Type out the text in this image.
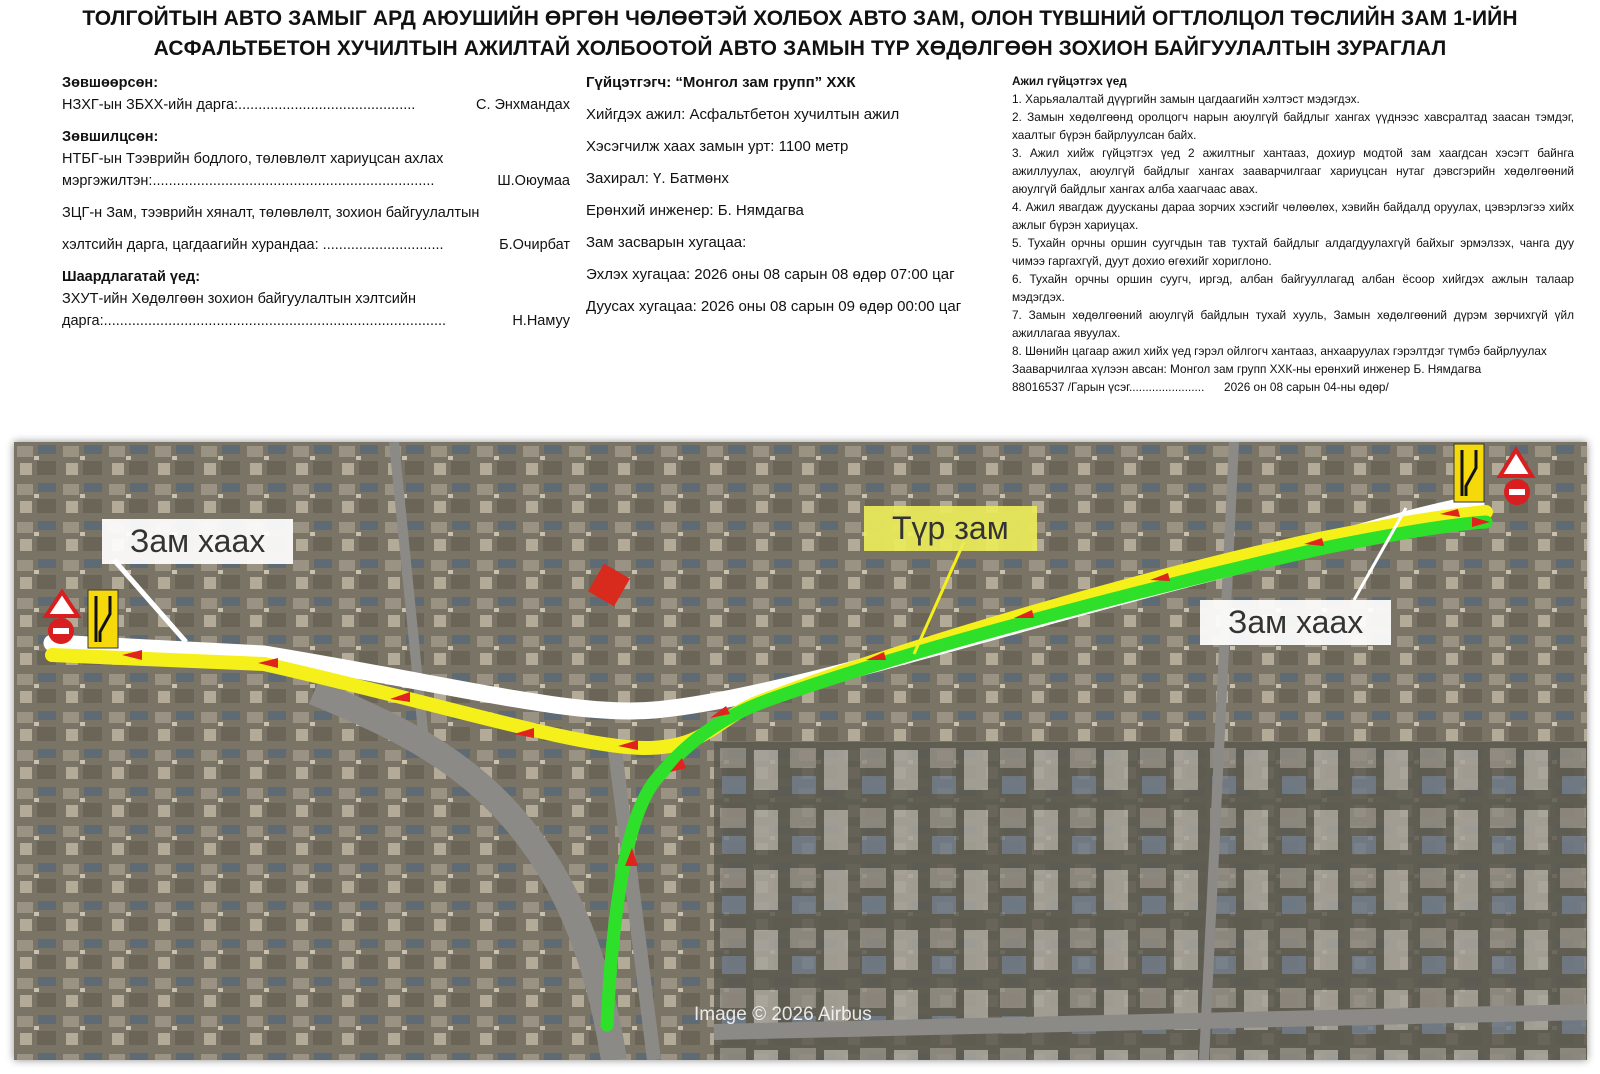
ТОЛГОЙТЫН АВТО ЗАМЫГ АРД АЮУШИЙН ӨРГӨН ЧӨЛӨӨТЭЙ ХОЛБОХ АВТО ЗАМ, ОЛОН ТҮВШНИЙ ОГТЛОЛЦОЛ ТӨСЛИЙН ЗАМ 1-ИЙН
АСФАЛЬТБЕТОН ХУЧИЛТЫН АЖИЛТАЙ ХОЛБООТОЙ АВТО ЗАМЫН ТҮР ХӨДӨЛГӨӨН ЗОХИОН БАЙГУУЛАЛТЫН ЗУРАГЛАЛ
Зөвшөөрсөн:
НЗХГ-ын ЗБХХ-ийн дарга:............................................	С. Энхмандах
Зөвшилцсөн:
НТБГ-ын Тээврийн бодлого, төлөвлөлт хариуцсан ахлах
мэргэжилтэн:......................................................................	Ш.Оюумаа
ЗЦГ-н Зам, тээврийн хяналт, төлөвлөлт, зохион байгуулалтын
хэлтсийн дарга, цагдаагийн хурандаа: ..............................	Б.Очирбат
Шаардлагатай үед:
ЗХУТ-ийн Хөдөлгөөн зохион байгуулалтын хэлтсийн
дарга:.....................................................................................	Н.Намуу

Гүйцэтгэгч: “Монгол зам групп” ХХК

Хийгдэх ажил: Асфальтбетон хучилтын ажил

Хэсэгчилж хаах замын урт: 1100 метр

Захирал: Ү. Батмөнх

Ерөнхий инженер: Б. Нямдагва

Зам засварын хугацаа:

Эхлэх хугацаа: 2026 оны 08 сарын 08 өдөр 07:00 цаг

Дуусах хугацаа: 2026 оны 08 сарын 09 өдөр 00:00 цаг

Ажил гүйцэтгэх үед
1. Харьяалалтай дүүргийн замын цагдаагийн хэлтэст мэдэгдэх.
2. Замын хөдөлгөөнд оролцогч нарын аюулгүй байдлыг хангах үүднээс хавсралтад заасан тэмдэг, хаалтыг бүрэн байрлуулсан байх.
3. Ажил хийж гүйцэтгэх үед 2 ажилтныг хантааз, дохиур модтой зам хаагдсан хэсэгт байнга ажиллуулах, аюулгүй байдлыг хангах зааварчилгааг хариуцсан нутаг дэвсгэрийн хөдөлгөөний аюулгүй байдлыг хангах алба хаагчаас авах.
4. Ажил явагдаж дуусканы дараа зорчих хэсгийг чөлөөлөх, хэвийн байдалд оруулах, цэвэрлэгээ хийх ажлыг бүрэн хариуцах.
5. Тухайн орчны оршин суугчдын тав тухтай байдлыг алдагдуулахгүй байхыг эрмэлзэх, чанга дуу чимээ гаргахгүй, дуут дохио өгөхийг хориглоно.
6. Тухайн орчны оршин суугч, иргэд, албан байгууллагад албан ёсоор хийгдэх ажлын талаар мэдэгдэх.
7. Замын хөдөлгөөний аюулгүй байдлын тухай хууль, Замын хөдөлгөөний дүрэм зөрчихгүй үйл ажиллагаа явуулах.
8. Шөнийн цагаар ажил хийх үед гэрэл ойлгогч хантааз, анхааруулах гэрэлтдэг түмбэ байрлуулах
Зааварчилгаа хүлээн авсан: Монгол зам групп ХХК-ны ерөнхий инженер Б. Нямдагва
88016537 /Гарын үсэг.......................      2026 он 08 сарын 04-ны өдөр/
Зам хаах	Түр зам
Зам хаах
Image © 2026 Airbus
